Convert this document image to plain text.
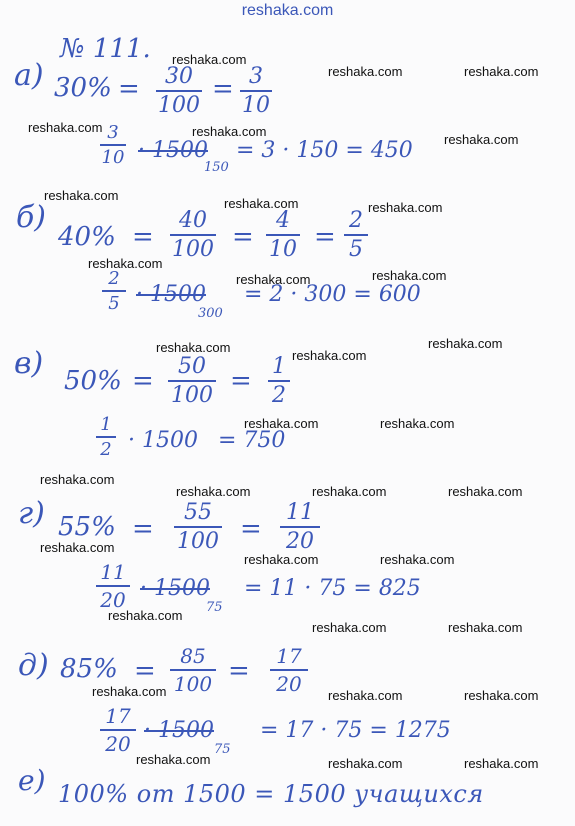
reshaka.com
№ 111.
а) 30% =	30
100
= 3
10
3
10 · 1500
150
= 3 · 150 = 450
б)
40% =
40
100 =
4
10 =
2
5
2
5 · 1500
300
= 2 · 300 = 600
в) 50% =	50
100 = 1
2
1
2 · 1500 = 750
г) 55% =
55
100 =
11
20
11
20 · 1500
75
= 11 · 75 = 825
д) 85% =	85
100 =	17
20
17
20
· 1500
75
= 17 · 75 = 1275
е) 100% от 1500 = 1500 учащихся
reshaka.com
reshaka.com	reshaka.com
reshaka.com	reshaka.com
reshaka.com
reshaka.com
reshaka.com	reshaka.com
reshaka.com
reshaka.com	reshaka.com
reshaka.com
reshaka.com
reshaka.com
reshaka.com	reshaka.com
reshaka.com
reshaka.com	reshaka.com	reshaka.com
reshaka.com
reshaka.com	reshaka.com
reshaka.com
reshaka.com	reshaka.com
reshaka.com	reshaka.com	reshaka.com
reshaka.com	reshaka.com	reshaka.com
